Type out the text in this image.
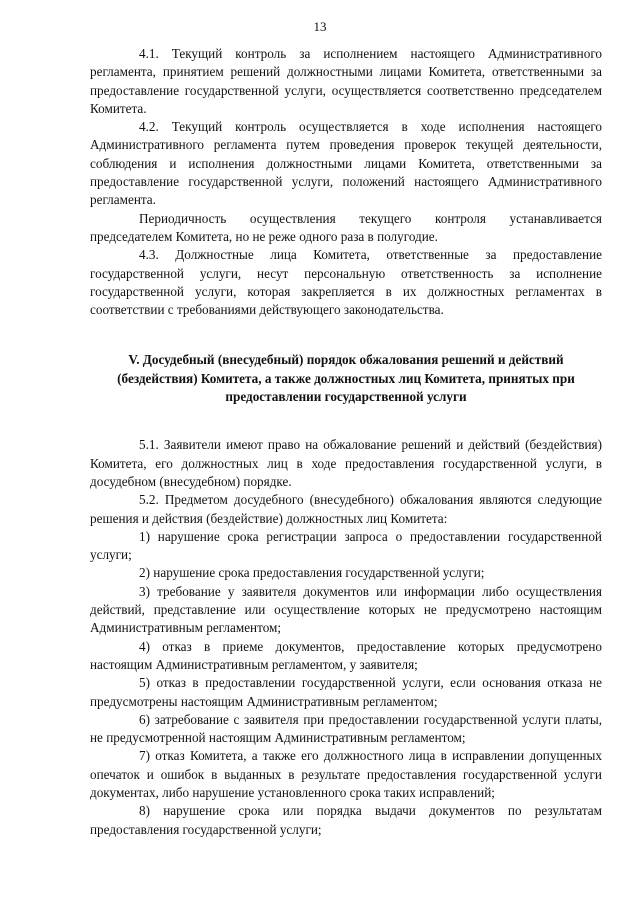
13

4.1. Текущий контроль за исполнением настоящего Административного регламента, принятием решений должностными лицами Комитета, ответственными за предоставление государственной услуги, осуществляется соответственно председателем Комитета.

4.2. Текущий контроль осуществляется в ходе исполнения настоящего Административного регламента путем проведения проверок текущей деятельности, соблюдения и исполнения должностными лицами Комитета, ответственными за предоставление государственной услуги, положений настоящего Административного регламента.

Периодичность осуществления текущего контроля устанавливается председателем Комитета, но не реже одного раза в полугодие.

4.3. Должностные лица Комитета, ответственные за предоставление государственной услуги, несут персональную ответственность за исполнение государственной услуги, которая закрепляется в их должностных регламентах в соответствии с требованиями действующего законодательства.

V. Досудебный (внесудебный) порядок обжалования решений и действий (бездействия) Комитета, а также должностных лиц Комитета, принятых при предоставлении государственной услуги

5.1. Заявители имеют право на обжалование решений и действий (бездействия) Комитета, его должностных лиц в ходе предоставления государственной услуги, в досудебном (внесудебном) порядке.

5.2. Предметом досудебного (внесудебного) обжалования являются следующие решения и действия (бездействие) должностных лиц Комитета:

1) нарушение срока регистрации запроса о предоставлении государственной услуги;

2) нарушение срока предоставления государственной услуги;

3) требование у заявителя документов или информации либо осуществления действий, представление или осуществление которых не предусмотрено настоящим Административным регламентом;

4) отказ в приеме документов, предоставление которых предусмотрено настоящим Административным регламентом, у заявителя;

5) отказ в предоставлении государственной услуги, если основания отказа не предусмотрены настоящим Административным регламентом;

6) затребование с заявителя при предоставлении государственной услуги платы, не предусмотренной настоящим Административным регламентом;

7) отказ Комитета, а также его должностного лица в исправлении допущенных опечаток и ошибок в выданных в результате предоставления государственной услуги документах, либо нарушение установленного срока таких исправлений;

8) нарушение срока или порядка выдачи документов по результатам предоставления государственной услуги;
